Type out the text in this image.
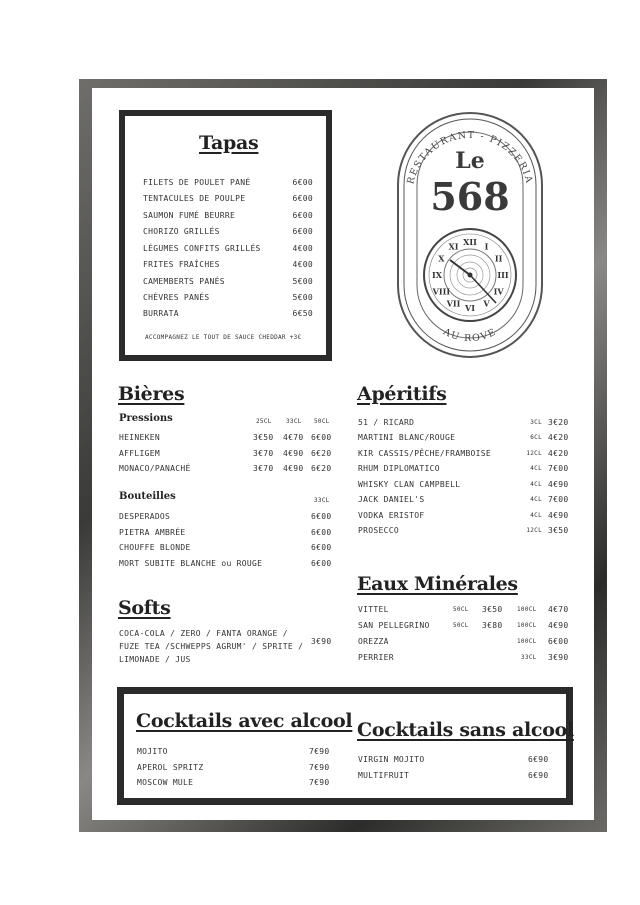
Tapas
FILETS DE POULET PANÉ	6€00
TENTACULES DE POULPE	6€00
SAUMON FUMÉ BEURRE	6€00
CHORIZO GRILLÉS	6€00
LÉGUMES CONFITS GRILLÉS	4€00
FRITES FRAÎCHES	4€00
CAMEMBERTS PANÉS	5€00
CHÈVRES PANÉS	5€00
BURRATA	6€50
ACCOMPAGNEZ LE TOUT DE SAUCE CHEDDAR +3€
RESTAURANT - PIZZERIA
Le
568
XII I
II
III
IV
V
VI
VII
VIII
IX
X
XI
AU ROVE
Bières
Pressions	25CL 33CL 50CL
HEINEKEN	3€50 4€70 6€00
AFFLIGEM	3€70 4€90 6€20
MONACO/PANACHÉ	3€70 4€90 6€20
Bouteilles	33CL
DESPERADOS	6€00
PIETRA AMBRÉE	6€00
CHOUFFE BLONDE	6€00
MORT SUBITE BLANCHE ou ROUGE	6€00
Softs
COCA-COLA / ZERO / FANTA ORANGE /
FUZE TEA /SCHWEPPS AGRUM' / SPRITE /
LIMONADE / JUS
3€90
Apéritifs
51 / RICARD	3CL 3€20
MARTINI BLANC/ROUGE	6CL 4€20
KIR CASSIS/PÊCHE/FRAMBOISE	12CL 4€20
RHUM DIPLOMATICO	4CL 7€00
WHISKY CLAN CAMPBELL	4CL 4€90
JACK DANIEL'S	4CL 7€00
VODKA ERISTOF	4CL 4€90
PROSECCO	12CL 3€50
Eaux Minérales
VITTEL	50CL 3€50 100CL 4€70
SAN PELLEGRINO	50CL 3€80 100CL 4€90
OREZZA	100CL 6€00
PERRIER	33CL 3€90
Cocktails avec alcool
MOJITO	7€90
APEROL SPRITZ	7€90
MOSCOW MULE	7€90
Cocktails sans alcool
VIRGIN MOJITO	6€90
MULTIFRUIT	6€90
